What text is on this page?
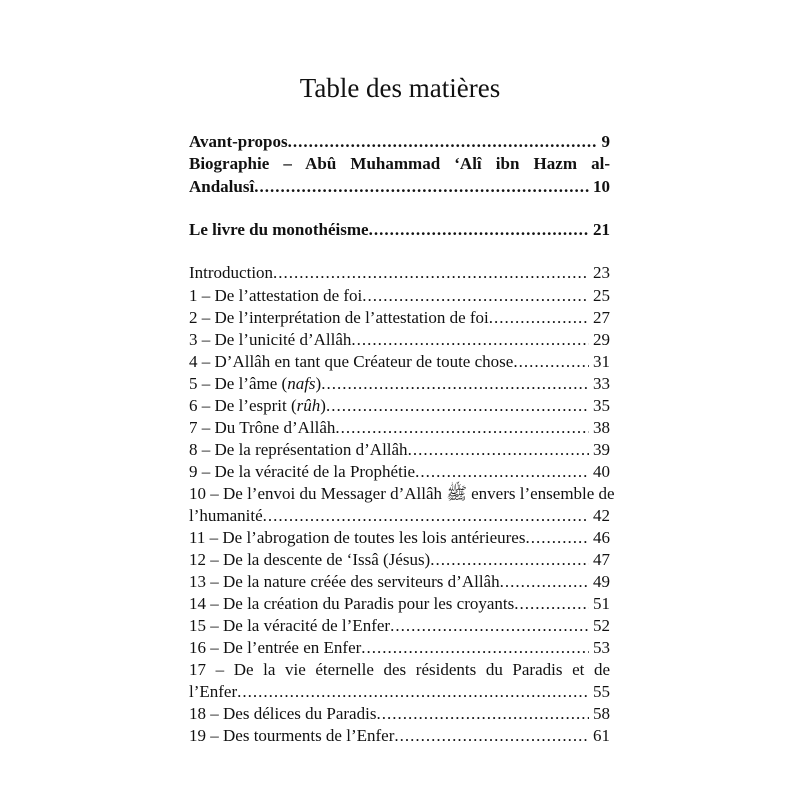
Table des matières
Avant-propos .....	9
Biographie – Abû Muhammad ‘Alî ibn Hazm al-
Andalusî .....	10
Le livre du monothéisme .....	21
Introduction .....	23
1 – De l’attestation de foi .....	25
2 – De l’interprétation de l’attestation de foi .....	27
3 – De l’unicité d’Allâh .....	29
4 – D’Allâh en tant que Créateur de toute chose .....	31
5 – De l’âme (nafs) .....	33
6 – De l’esprit (rûh) .....	35
7 – Du Trône d’Allâh .....	38
8 – De la représentation d’Allâh .....	39
9 – De la véracité de la Prophétie .....	40
10 – De l’envoi du Messager d’Allâh ﷺ envers l’ensemble de
l’humanité .....	42
11 – De l’abrogation de toutes les lois antérieures .....	46
12 – De la descente de ‘Issâ (Jésus) .....	47
13 – De la nature créée des serviteurs d’Allâh .....	49
14 – De la création du Paradis pour les croyants .....	51
15 – De la véracité de l’Enfer .....	52
16 – De l’entrée en Enfer .....	53
17 – De la vie éternelle des résidents du Paradis et de
l’Enfer .....	55
18 – Des délices du Paradis .....	58
19 – Des tourments de l’Enfer .....	61
